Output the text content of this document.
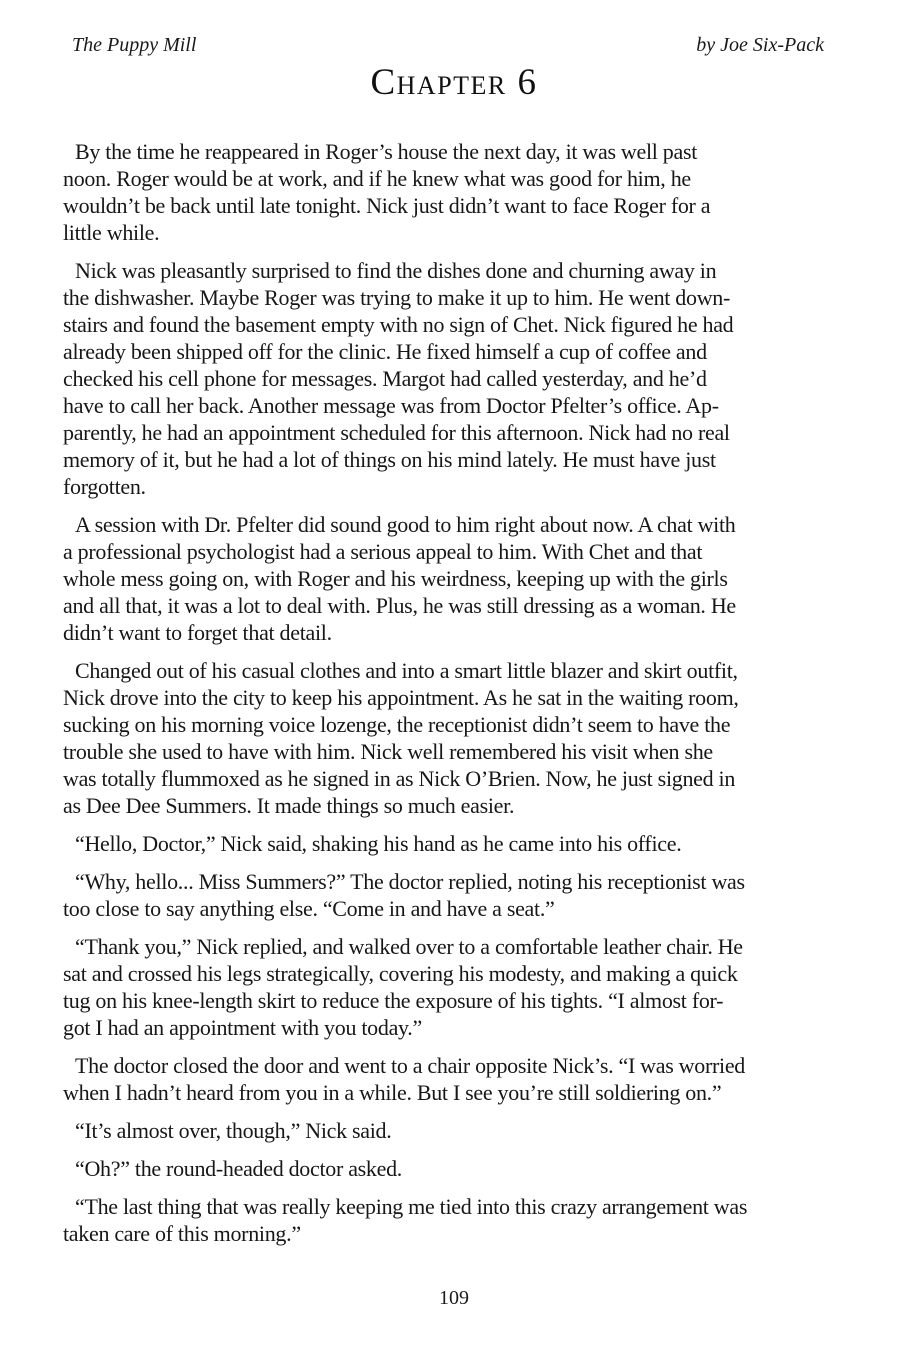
The Puppy Mill	by Joe Six-Pack
Chapter 6

By the time he reappeared in Roger’s house the next day, it was well past
noon. Roger would be at work, and if he knew what was good for him, he
wouldn’t be back until late tonight. Nick just didn’t want to face Roger for a
little while.

Nick was pleasantly surprised to find the dishes done and churning away in
the dishwasher. Maybe Roger was trying to make it up to him. He went down-
stairs and found the basement empty with no sign of Chet. Nick figured he had
already been shipped off for the clinic. He fixed himself a cup of coffee and
checked his cell phone for messages. Margot had called yesterday, and he’d
have to call her back. Another message was from Doctor Pfelter’s office. Ap-
parently, he had an appointment scheduled for this afternoon. Nick had no real
memory of it, but he had a lot of things on his mind lately. He must have just
forgotten.

A session with Dr. Pfelter did sound good to him right about now. A chat with
a professional psychologist had a serious appeal to him. With Chet and that
whole mess going on, with Roger and his weirdness, keeping up with the girls
and all that, it was a lot to deal with. Plus, he was still dressing as a woman. He
didn’t want to forget that detail.

Changed out of his casual clothes and into a smart little blazer and skirt outfit,
Nick drove into the city to keep his appointment. As he sat in the waiting room,
sucking on his morning voice lozenge, the receptionist didn’t seem to have the
trouble she used to have with him. Nick well remembered his visit when she
was totally flummoxed as he signed in as Nick O’Brien. Now, he just signed in
as Dee Dee Summers. It made things so much easier.

“Hello, Doctor,” Nick said, shaking his hand as he came into his office.

“Why, hello... Miss Summers?” The doctor replied, noting his receptionist was
too close to say anything else. “Come in and have a seat.”

“Thank you,” Nick replied, and walked over to a comfortable leather chair. He
sat and crossed his legs strategically, covering his modesty, and making a quick
tug on his knee-length skirt to reduce the exposure of his tights. “I almost for-
got I had an appointment with you today.”

The doctor closed the door and went to a chair opposite Nick’s. “I was worried
when I hadn’t heard from you in a while. But I see you’re still soldiering on.”

“It’s almost over, though,” Nick said.

“Oh?” the round-headed doctor asked.

“The last thing that was really keeping me tied into this crazy arrangement was
taken care of this morning.”

109
